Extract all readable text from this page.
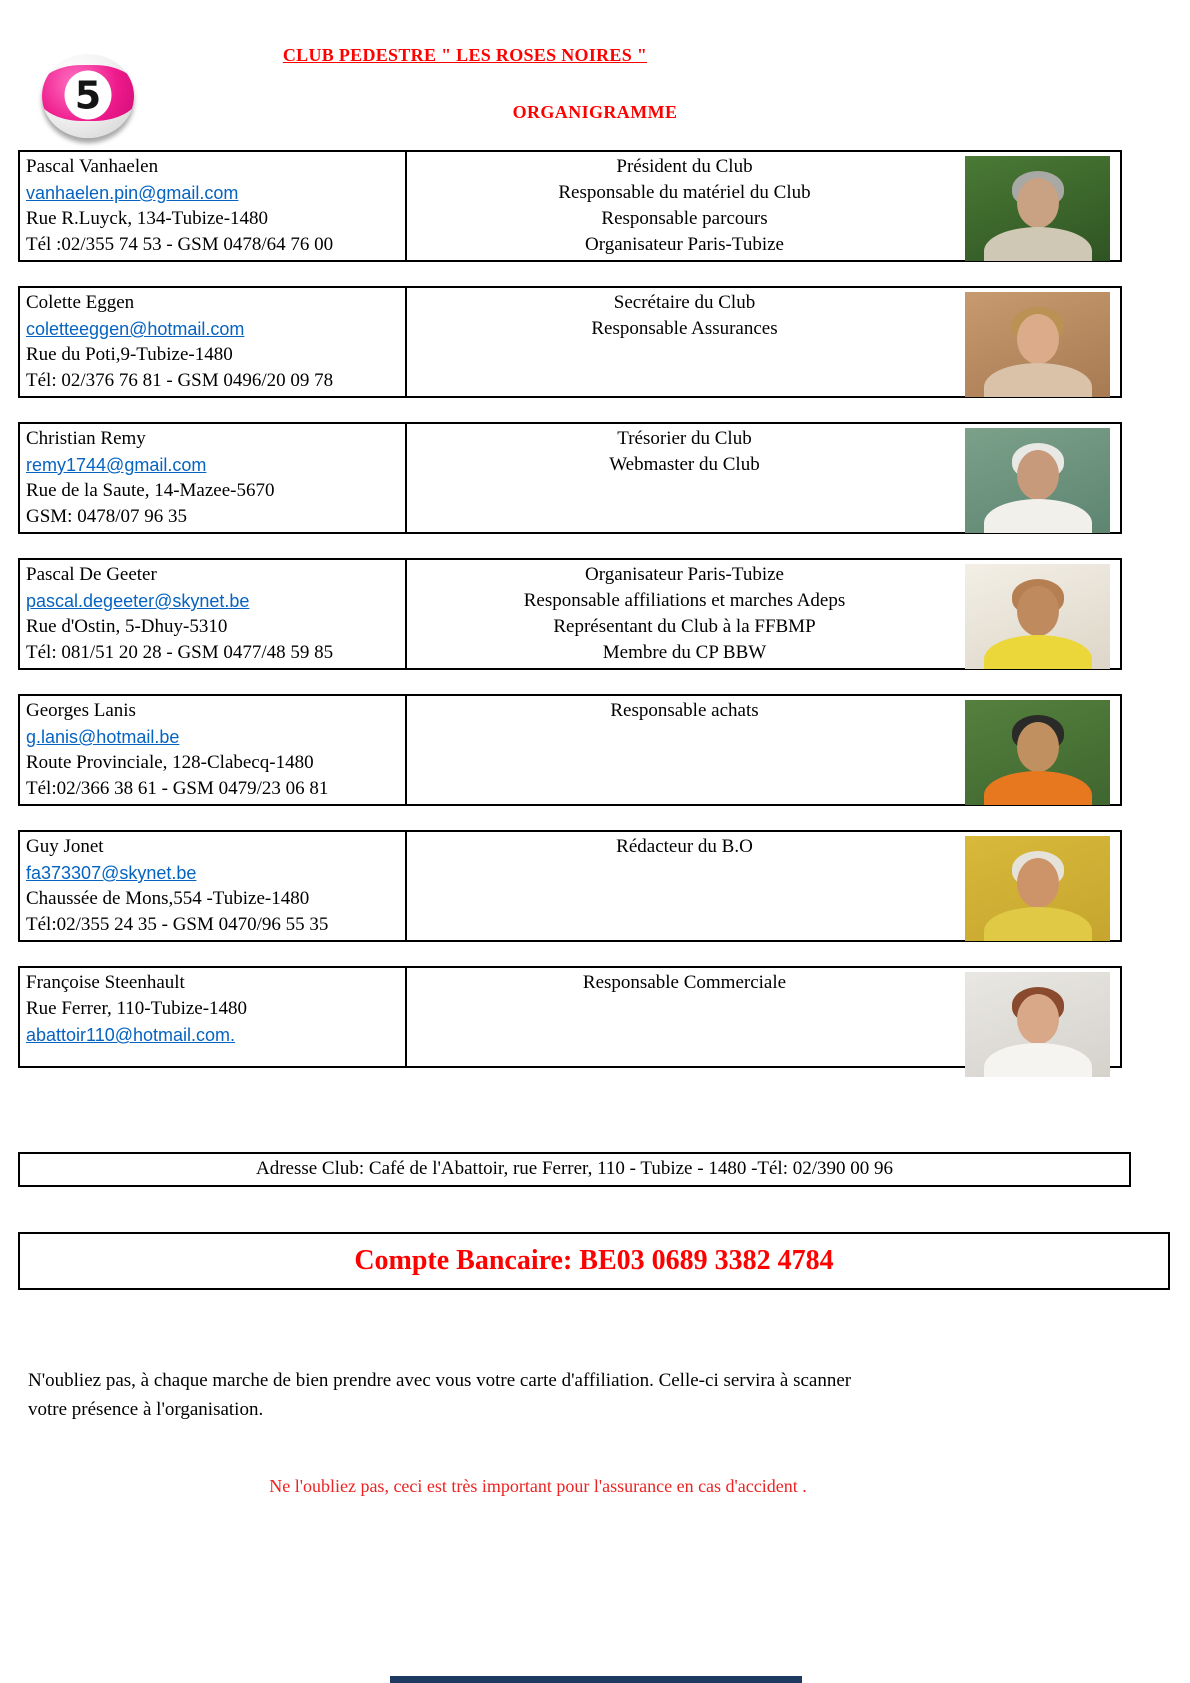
5
CLUB PEDESTRE " LES ROSES NOIRES "
ORGANIGRAMME
Pascal Vanhaelen
vanhaelen.pin@gmail.com
Rue R.Luyck, 134-Tubize-1480
Tél :02/355 74 53 - GSM 0478/64 76 00
Président du Club
Responsable du matériel du Club
Responsable parcours
Organisateur Paris-Tubize
Colette Eggen
coletteeggen@hotmail.com
Rue du Poti,9-Tubize-1480
Tél: 02/376 76 81 - GSM 0496/20 09 78
Secrétaire du Club
Responsable Assurances
Christian Remy
remy1744@gmail.com
Rue de la Saute, 14-Mazee-5670
GSM: 0478/07 96 35
Trésorier du Club
Webmaster du Club
Pascal De Geeter
pascal.degeeter@skynet.be
Rue d'Ostin, 5-Dhuy-5310
Tél: 081/51 20 28 - GSM 0477/48 59 85
Organisateur Paris-Tubize
Responsable affiliations et marches Adeps
Représentant du Club à la FFBMP
Membre du CP BBW
Georges Lanis
g.lanis@hotmail.be
Route Provinciale, 128-Clabecq-1480
Tél:02/366 38 61 - GSM 0479/23 06 81
Responsable achats
Guy Jonet
fa373307@skynet.be
Chaussée de Mons,554 -Tubize-1480
Tél:02/355 24 35 - GSM 0470/96 55 35
Rédacteur du B.O
Françoise Steenhault
Rue Ferrer, 110-Tubize-1480
abattoir110@hotmail.com.
Responsable Commerciale
Adresse Club: Café de l'Abattoir, rue Ferrer, 110 - Tubize - 1480 -Tél: 02/390 00 96
Compte Bancaire: BE03 0689 3382 4784
N'oubliez pas, à chaque marche de bien prendre avec vous votre carte d'affiliation. Celle-ci servira à scanner
votre présence à l'organisation.
Ne l'oubliez pas, ceci est très important pour l'assurance en cas d'accident .
